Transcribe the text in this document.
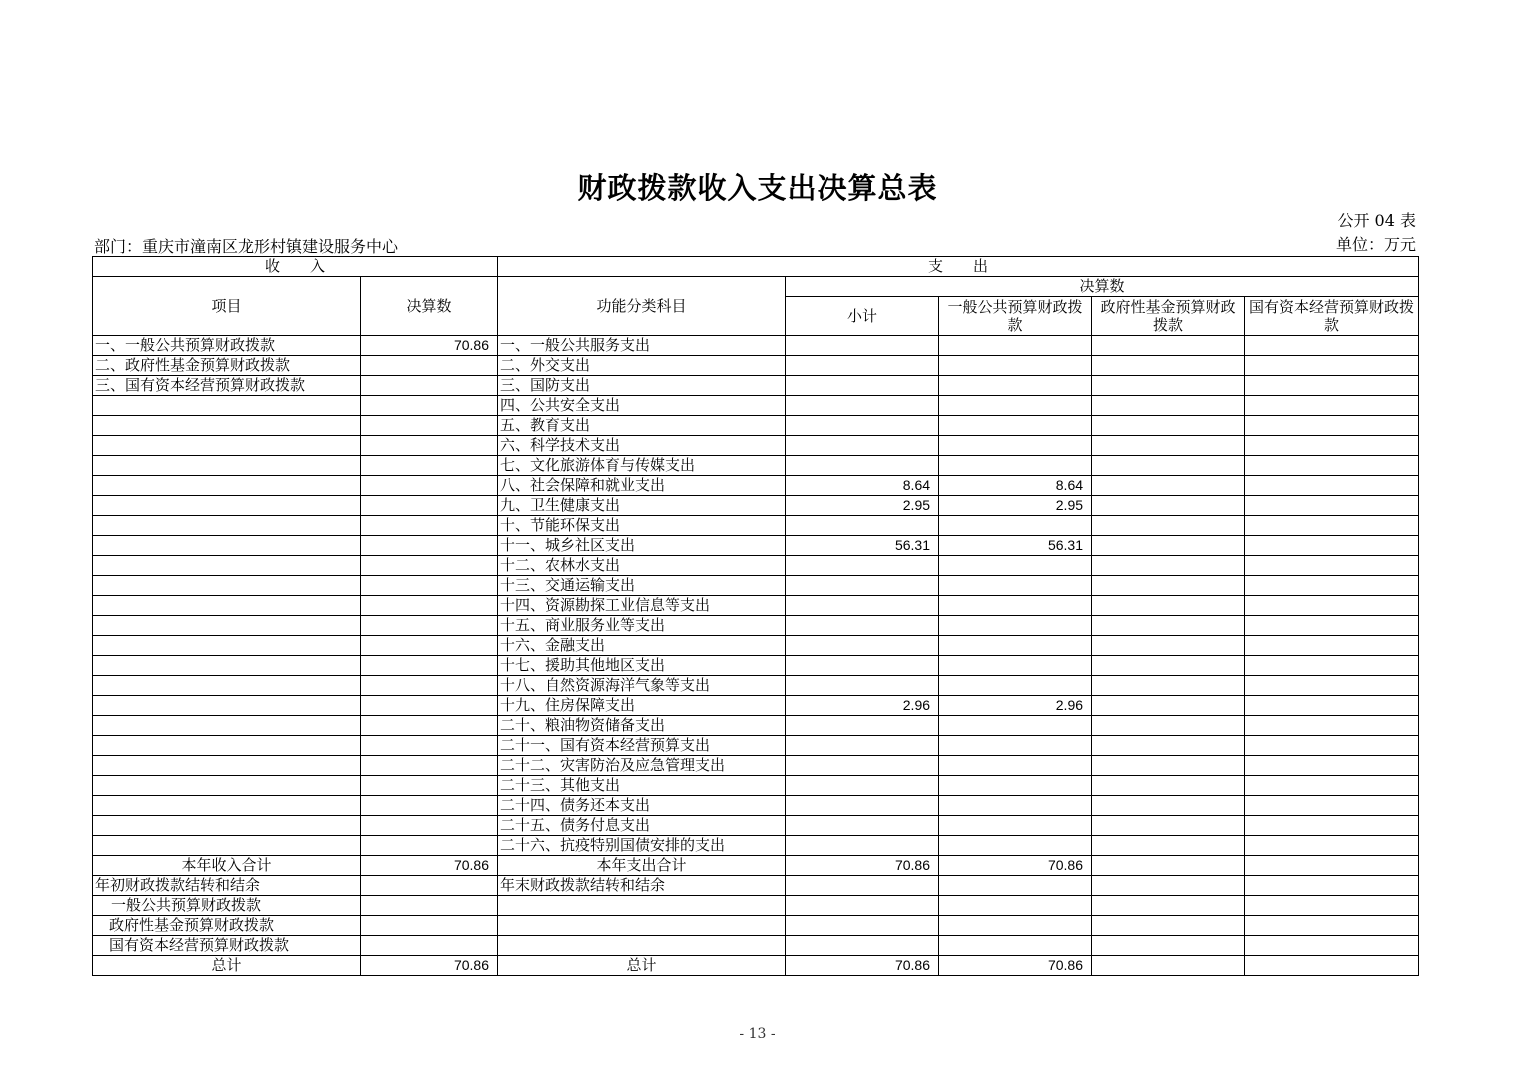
财政拨款收入支出决算总表
公开 04 表
部门：重庆市潼南区龙形村镇建设服务中心	单位：万元
收　　入		支　　出				
项目	决算数	功能分类科目	决算数			
			小计	一般公共预算财政拨款	政府性基金预算财政拨款	国有资本经营预算财政拨款
一、一般公共预算财政拨款	70.86	一、一般公共服务支出				
二、政府性基金预算财政拨款		二、外交支出				
三、国有资本经营预算财政拨款		三、国防支出				
		四、公共安全支出				
		五、教育支出				
		六、科学技术支出				
		七、文化旅游体育与传媒支出				
		八、社会保障和就业支出	8.64	8.64		
		九、卫生健康支出	2.95	2.95		
		十、节能环保支出				
		十一、城乡社区支出	56.31	56.31		
		十二、农林水支出				
		十三、交通运输支出				
		十四、资源勘探工业信息等支出				
		十五、商业服务业等支出				
		十六、金融支出				
		十七、援助其他地区支出				
		十八、自然资源海洋气象等支出				
		十九、住房保障支出	2.96	2.96		
		二十、粮油物资储备支出				
		二十一、国有资本经营预算支出				
		二十二、灾害防治及应急管理支出				
		二十三、其他支出				
		二十四、债务还本支出				
		二十五、债务付息支出				
		二十六、抗疫特别国债安排的支出				
本年收入合计	70.86	本年支出合计	70.86	70.86		
年初财政拨款结转和结余		年末财政拨款结转和结余				
一般公共预算财政拨款						
政府性基金预算财政拨款						
国有资本经营预算财政拨款						
总计	70.86	总计	70.86	70.86		
- 13 -
